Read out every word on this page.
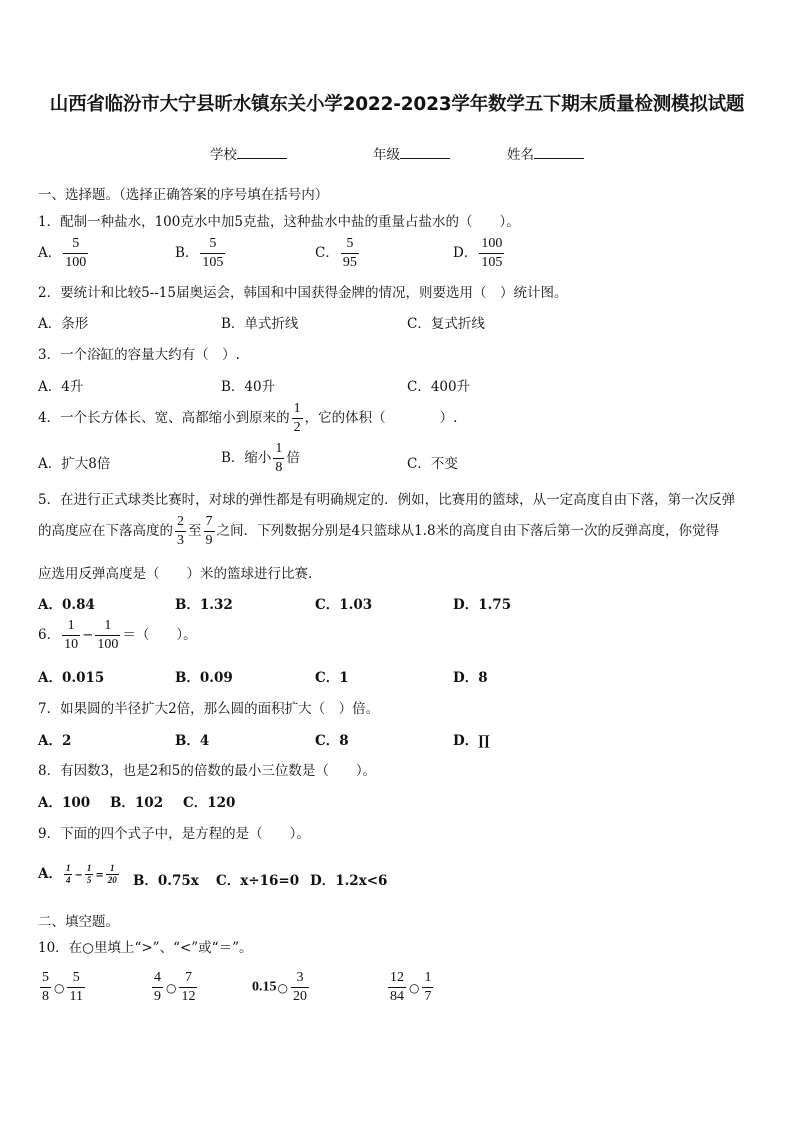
山西省临汾市大宁县昕水镇东关小学2022-2023学年数学五下期末质量检测模拟试题
学校	年级	姓名
一、选择题。（选择正确答案的序号填在括号内）
1．配制一种盐水，100克水中加5克盐，这种盐水中盐的重量占盐水的（　　）。
A． $\frac{5}{100}$	B． $\frac{5}{105}$	C． $\frac{5}{95}$	D． $\frac{100}{105}$
2．要统计和比较5--15届奥运会，韩国和中国获得金牌的情况，则要选用（　）统计图。
A．条形	B．单式折线	C．复式折线
3．一个浴缸的容量大约有（　）.
A．4升	B．40升	C．400升
4．一个长方体长、宽、高都缩小到原来的 $\frac{1}{2}$ ，它的体积（　　　　）.
A．扩大8倍	B．缩小 $\frac{1}{8}$ 倍	C．不变
5．在进行正式球类比赛时，对球的弹性都是有明确规定的．例如，比赛用的篮球，从一定高度自由下落，第一次反弹
的高度应在下落高度的 $\frac{2}{3}$ 至 $\frac{7}{9}$ 之间．下列数据分别是4只篮球从1.8米的高度自由下落后第一次的反弹高度，你觉得
应选用反弹高度是（　　）米的篮球进行比赛.
A．0.84	B．1.32	C．1.03	D．1.75
6． $\frac{1}{10} - \frac{1}{100}$ ＝（　　）。
A．0.015	B．0.09	C．1	D．8
7．如果圆的半径扩大2倍，那么圆的面积扩大（　）倍。
A．2	B．4	C．8	D．∏
8．有因数3，也是2和5的倍数的最小三位数是（　　）。
A．100 B．102 C．120
9．下面的四个式子中，是方程的是（　　）。
A． $\frac{1}{4} - \frac{1}{5} = \frac{1}{20}$ B．0.75x C．x÷16=0 D．1.2x<6
二、填空题。
10．在○里填上“>”、“<”或“＝”。
$\frac{5}{8}$ ○ $\frac{5}{11}$	$\frac{4}{9}$ ○ $\frac{7}{12}$	0.15○ $\frac{3}{20}$	$\frac{12}{84}$ ○ $\frac{1}{7}$
